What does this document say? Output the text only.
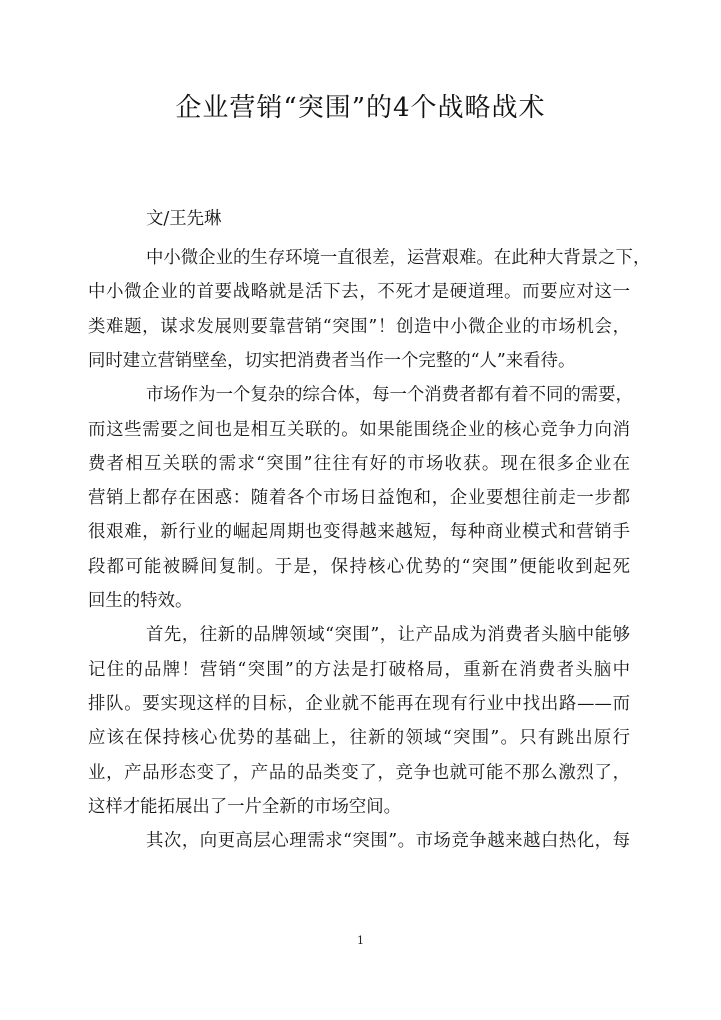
企业营销“突围”的4个战略战术
文/王先琳
中小微企业的生存环境一直很差，运营艰难。在此种大背景之下，
中小微企业的首要战略就是活下去，不死才是硬道理。而要应对这一
类难题，谋求发展则要靠营销“突围”！创造中小微企业的市场机会，
同时建立营销壁垒，切实把消费者当作一个完整的“人”来看待。
市场作为一个复杂的综合体，每一个消费者都有着不同的需要，
而这些需要之间也是相互关联的。如果能围绕企业的核心竞争力向消
费者相互关联的需求“突围”往往有好的市场收获。现在很多企业在
营销上都存在困惑：随着各个市场日益饱和，企业要想往前走一步都
很艰难，新行业的崛起周期也变得越来越短，每种商业模式和营销手
段都可能被瞬间复制。于是，保持核心优势的“突围”便能收到起死
回生的特效。
首先，往新的品牌领域“突围”，让产品成为消费者头脑中能够
记住的品牌！营销“突围”的方法是打破格局，重新在消费者头脑中
排队。要实现这样的目标，企业就不能再在现有行业中找出路——而
应该在保持核心优势的基础上，往新的领域“突围”。只有跳出原行
业，产品形态变了，产品的品类变了，竞争也就可能不那么激烈了，
这样才能拓展出了一片全新的市场空间。
其次，向更高层心理需求“突围”。市场竞争越来越白热化，每
1
